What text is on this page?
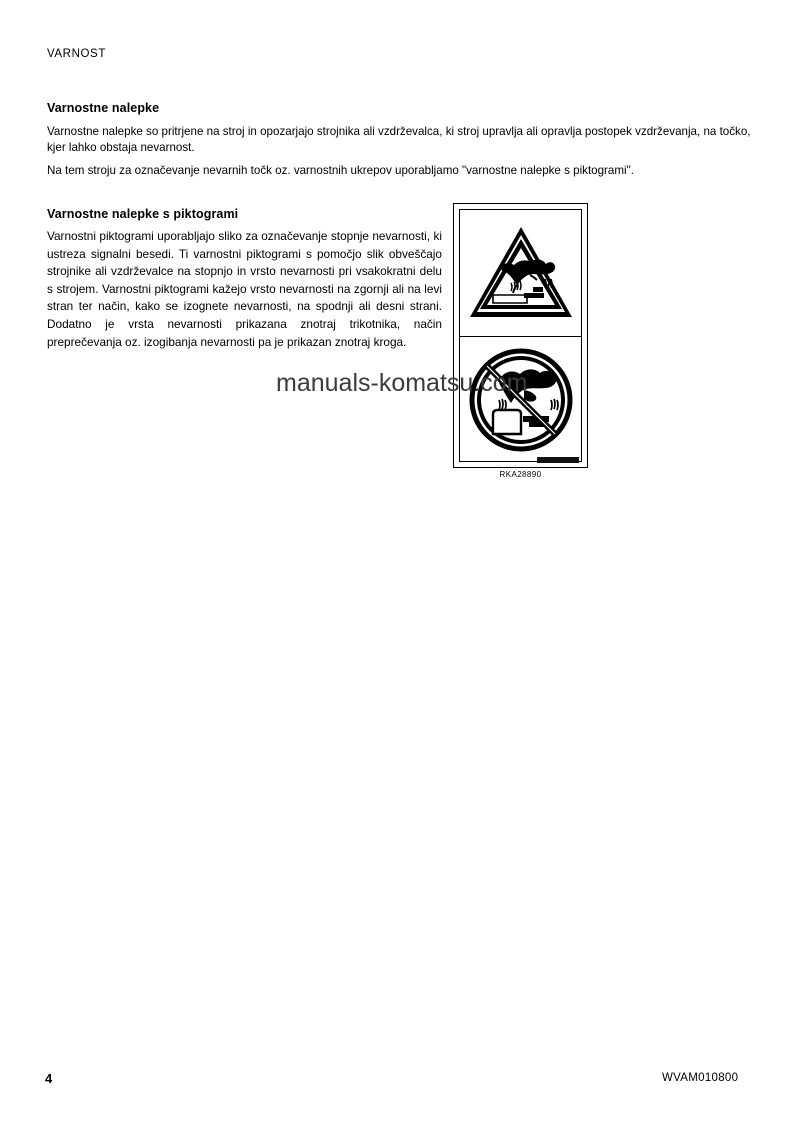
VARNOST
Varnostne nalepke
Varnostne nalepke so pritrjene na stroj in opozarjajo strojnika ali vzdrževalca, ki stroj upravlja ali opravlja postopek vzdrževanja, na točko, kjer lahko obstaja nevarnost.
Na tem stroju za označevanje nevarnih točk oz. varnostnih ukrepov uporabljamo "varnostne nalepke s piktogrami".
Varnostne nalepke s piktogrami
Varnostni piktogrami uporabljajo sliko za označevanje stopnje nevarnosti, ki ustreza signalni besedi. Ti varnostni piktogrami s pomočjo slik obveščajo strojnike ali vzdrževalce na stopnjo in vrsto nevarnosti pri vsakokratni delu s strojem. Varnostni piktogrami kažejo vrsto nevarnosti na zgornji ali na levi stran ter način, kako se izognete nevarnosti, na spodnji ali desni strani. Dodatno je vrsta nevarnosti prikazana znotraj trikotnika, način preprečevanja oz. izogibanja nevarnosti pa je prikazan znotraj kroga.
RKA28890
manuals-komatsu.com
4	WVAM010800
